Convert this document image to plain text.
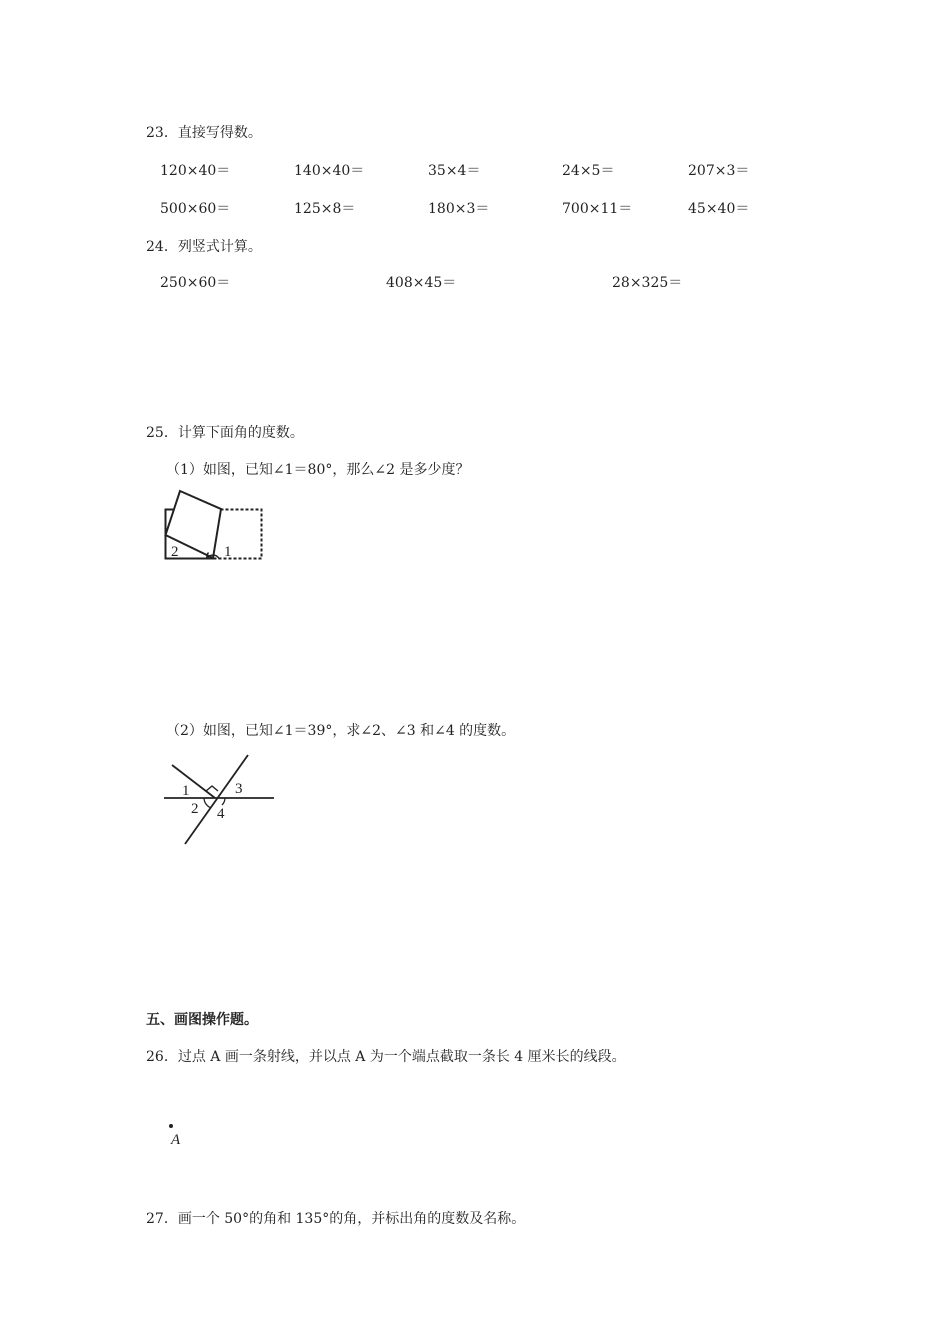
23．直接写得数。
120×40＝	140×40＝	35×4＝	24×5＝	207×3＝
500×60＝	125×8＝	180×3＝	700×11＝	45×40＝
24．列竖式计算。
250×60＝	408×45＝	28×325＝
25．计算下面角的度数。
（1）如图，已知∠1＝80°，那么∠2 是多少度？
2	1
（2）如图，已知∠1＝39°，求∠2、∠3 和∠4 的度数。
1
2
3
4
五、画图操作题。
26．过点 A 画一条射线，并以点 A 为一个端点截取一条长 4 厘米长的线段。
A
27．画一个 50°的角和 135°的角，并标出角的度数及名称。
